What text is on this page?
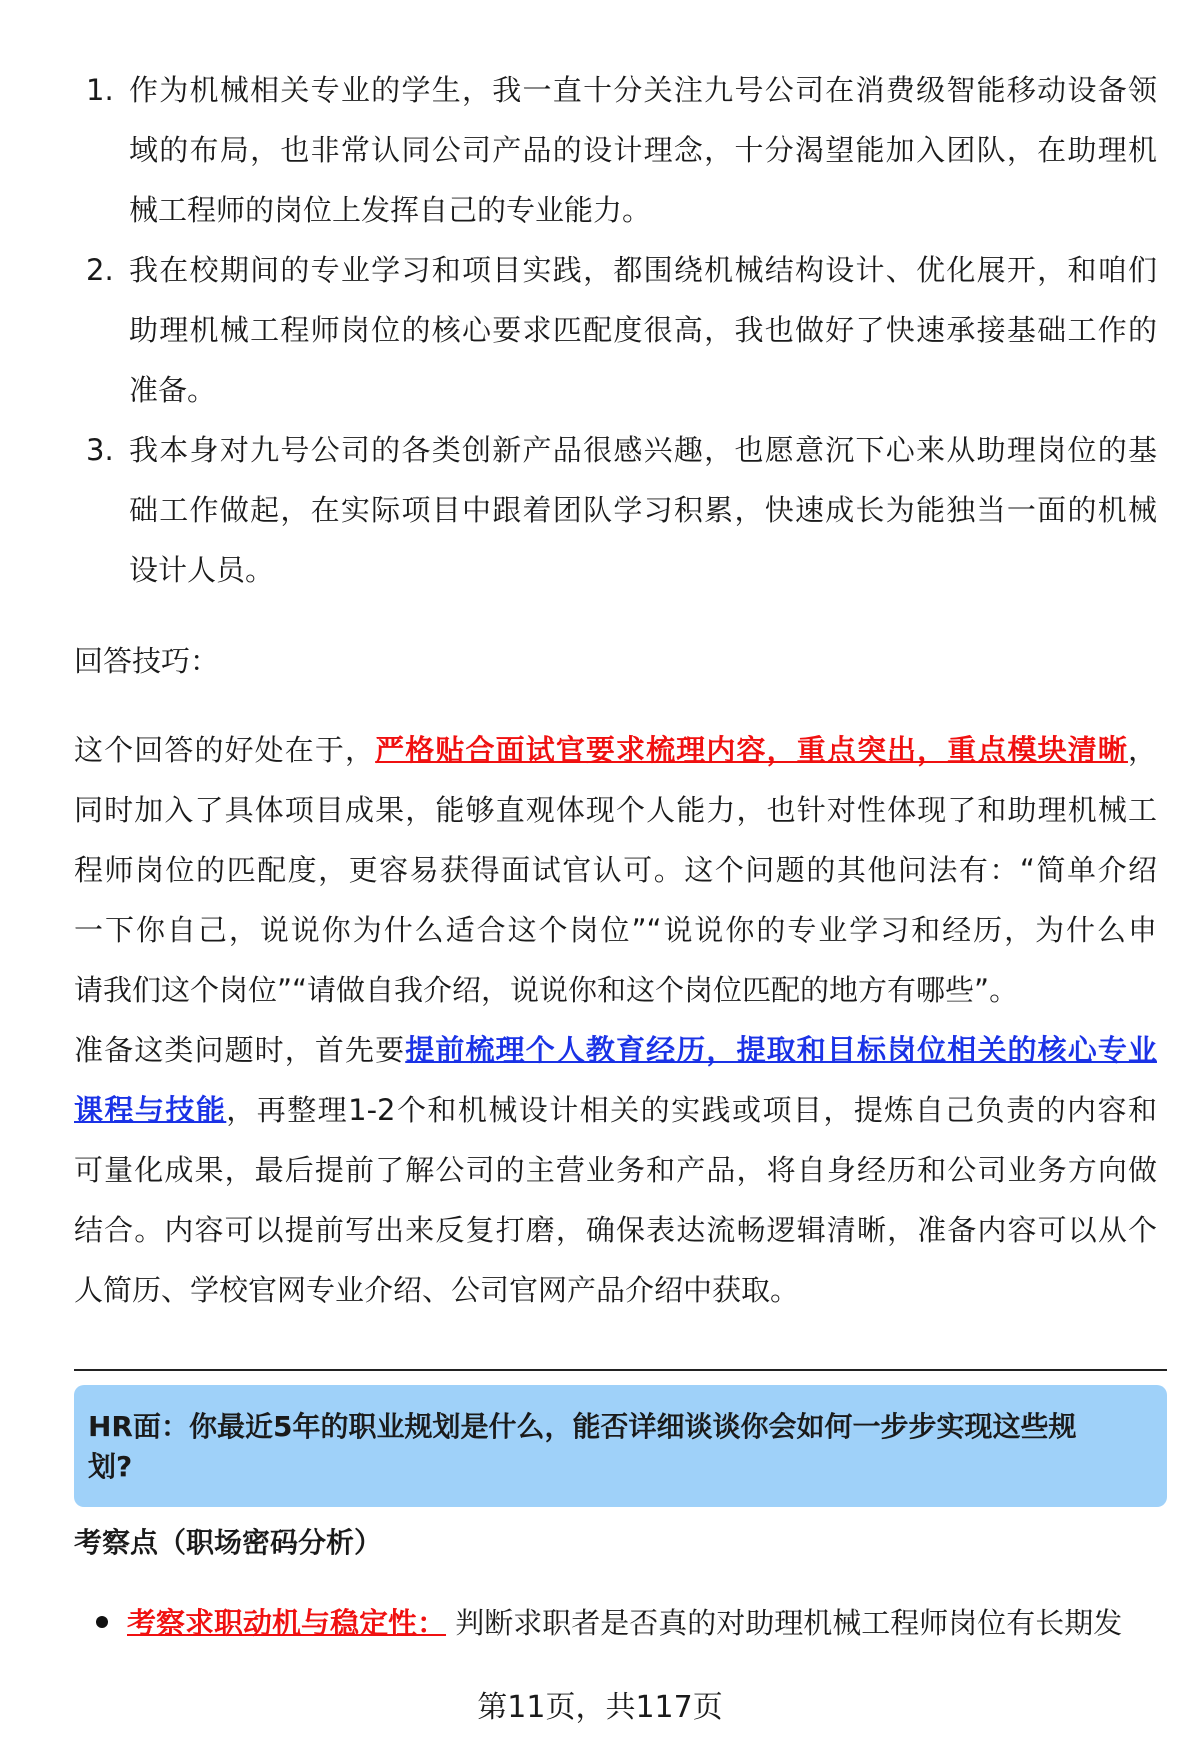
1. 作为机械相关专业的学生，我一直十分关注九号公司在消费级智能移动设备领
域的布局，也非常认同公司产品的设计理念，十分渴望能加入团队，在助理机
械工程师的岗位上发挥自己的专业能力。
2. 我在校期间的专业学习和项目实践，都围绕机械结构设计、优化展开，和咱们
助理机械工程师岗位的核心要求匹配度很高，我也做好了快速承接基础工作的
准备。
3. 我本身对九号公司的各类创新产品很感兴趣，也愿意沉下心来从助理岗位的基
础工作做起，在实际项目中跟着团队学习积累，快速成长为能独当一面的机械
设计人员。
回答技巧：
这个回答的好处在于，严格贴合面试官要求梳理内容，重点突出，重点模块清晰，
同时加入了具体项目成果，能够直观体现个人能力，也针对性体现了和助理机械工
程师岗位的匹配度，更容易获得面试官认可。这个问题的其他问法有：“简单介绍
一下你自己，说说你为什么适合这个岗位”“说说你的专业学习和经历，为什么申
请我们这个岗位”“请做自我介绍，说说你和这个岗位匹配的地方有哪些”。
准备这类问题时，首先要提前梳理个人教育经历，提取和目标岗位相关的核心专业
课程与技能，再整理1-2个和机械设计相关的实践或项目，提炼自己负责的内容和
可量化成果，最后提前了解公司的主营业务和产品，将自身经历和公司业务方向做
结合。内容可以提前写出来反复打磨，确保表达流畅逻辑清晰，准备内容可以从个
人简历、学校官网专业介绍、公司官网产品介绍中获取。
HR面：你最近5年的职业规划是什么，能否详细谈谈你会如何一步步实现这些规
划?
考察点（职场密码分析）
考察求职动机与稳定性： 判断求职者是否真的对助理机械工程师岗位有长期发
第11页，共117页
